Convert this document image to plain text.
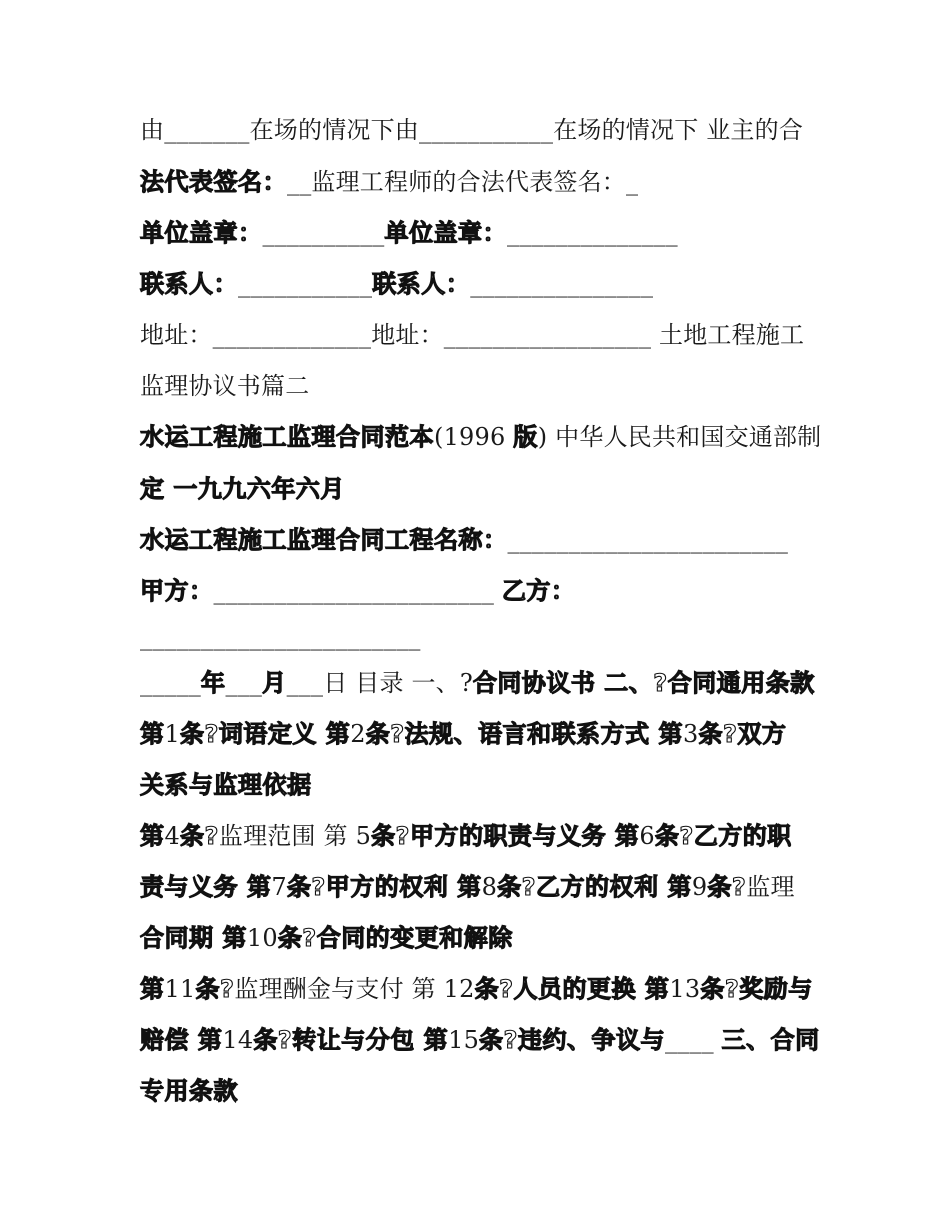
由_______在场的情况下由___________在场的情况下 业主的合
法代表签名：__监理工程师的合法代表签名：_
单位盖章：__________单位盖章：______________
联系人：___________联系人：_______________
地址：_____________地址：_________________ 土地工程施工
监理协议书篇二
水运工程施工监理合同范本(1996 版) 中华人民共和国交通部制
定 一九九六年六月
水运工程施工监理合同工程名称：_______________________
甲方：_______________________ 乙方：
_______________________
_____年___月___日 目录 一、?合同协议书 二、?合同通用条款
第1条?词语定义 第2条?法规、语言和联系方式 第3条?双方
关系与监理依据
第4条?监理范围 第 5条?甲方的职责与义务 第6条?乙方的职
责与义务 第7条?甲方的权利 第8条?乙方的权利 第9条?监理
合同期 第10条?合同的变更和解除
第11条?监理酬金与支付 第 12条?人员的更换 第13条?奖励与
赔偿 第14条?转让与分包 第15条?违约、争议与____ 三、合同
专用条款
